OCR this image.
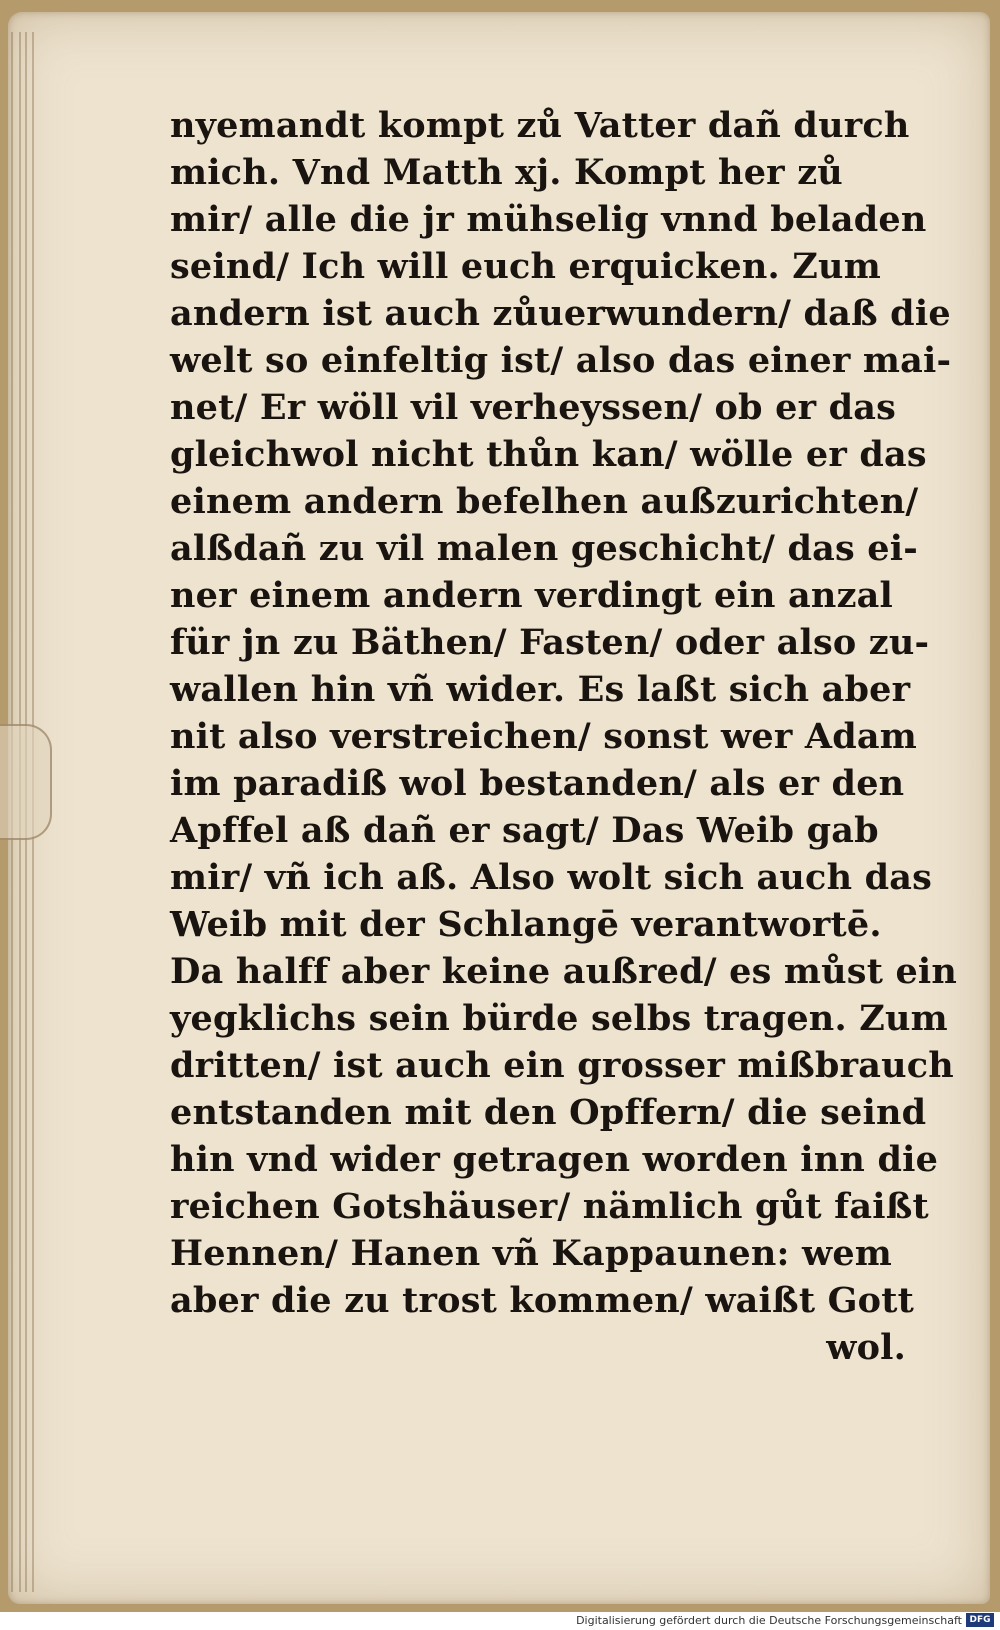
nyemandt kompt zů Vatter dañ durch
mich. Vnd Matth xj. Kompt her zů
mir/ alle die jr mühselig vnnd beladen
seind/ Ich will euch erquicken. Zum
andern ist auch zůuerwundern/ daß die
welt so einfeltig ist/ also das einer mai-
net/ Er wöll vil verheyssen/ ob er das
gleichwol nicht thůn kan/ wölle er das
einem andern befelhen außzurichten/
alßdañ zu vil malen geschicht/ das ei-
ner einem andern verdingt ein anzal
für jn zu Bäthen/ Fasten/ oder also zu-
wallen hin vñ wider. Es laßt sich aber
nit also verstreichen/ sonst wer Adam
im paradiß wol bestanden/ als er den
Apffel aß dañ er sagt/ Das Weib gab
mir/ vñ ich aß. Also wolt sich auch das
Weib mit der Schlangē verantwortē.
Da halff aber keine außred/ es můst ein
yegklichs sein bürde selbs tragen. Zum
dritten/ ist auch ein grosser mißbrauch
entstanden mit den Opffern/ die seind
hin vnd wider getragen worden inn die
reichen Gotshäuser/ nämlich gůt faißt
Hennen/ Hanen vñ Kappaunen: wem
aber die zu trost kommen/ waißt Gott
wol.
Digitalisierung gefördert durch die Deutsche Forschungsgemeinschaft DFG
